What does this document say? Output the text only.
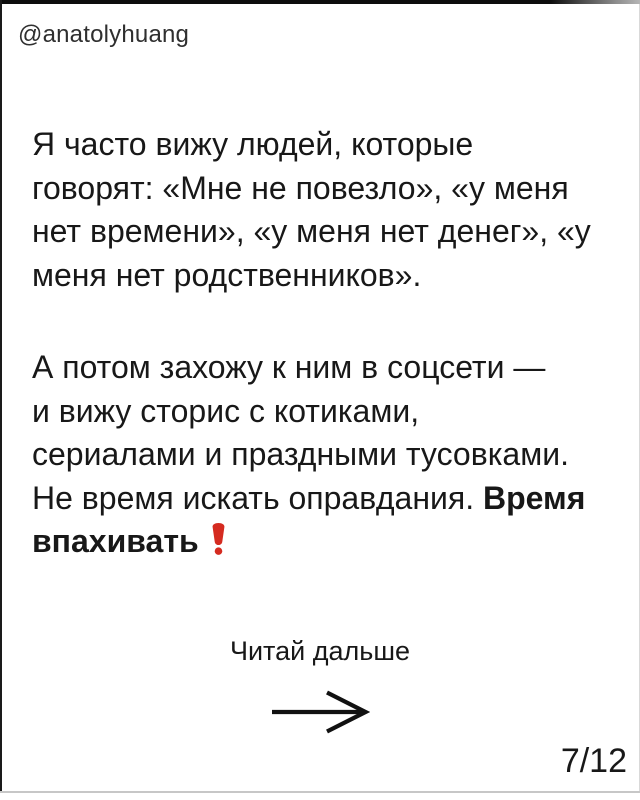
@anatolyhuang
Я часто вижу людей, которые
говорят: «Мне не повезло», «у меня
нет времени», «у меня нет денег», «у
меня нет родственников».
А потом захожу к ним в соцсети —
и вижу сторис с котиками,
сериалами и праздными тусовками.
Не время искать оправдания. Время
впахивать
Читай дальше
7/12
